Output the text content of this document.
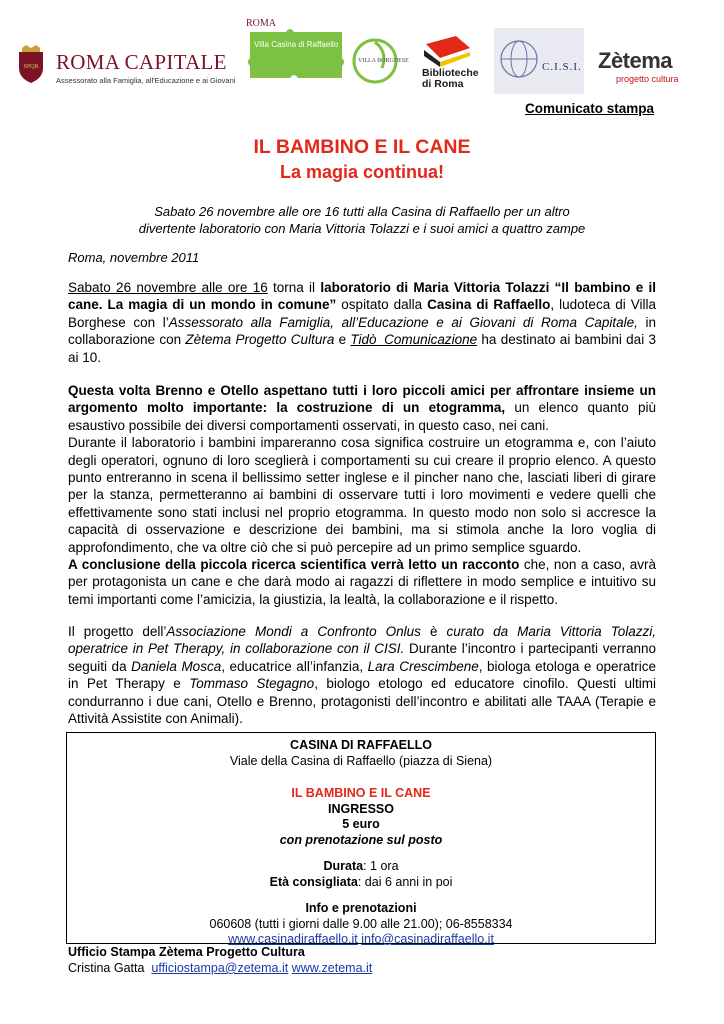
SPQR ROMA CAPITALE
Assessorato alla Famiglia, all'Educazione e ai Giovani
ROMA
Villa Casina di Raffaello
VILLA BORGHESE
Biblioteche
di Roma
C.I.S.I. Zètema
progetto cultura
Comunicato stampa
IL BAMBINO E IL CANE
La magia continua!
Sabato 26 novembre alle ore 16 tutti alla Casina di Raffaello per un altro
divertente laboratorio con Maria Vittoria Tolazzi e i suoi amici a quattro zampe
Roma, novembre 2011
Sabato 26 novembre alle ore 16 torna il laboratorio di Maria Vittoria Tolazzi “Il bambino e il cane. La magia di un mondo in comune” ospitato dalla Casina di Raffaello, ludoteca di Villa Borghese con l’Assessorato alla Famiglia, all’Educazione e ai Giovani di Roma Capitale, in collaborazione con Zètema Progetto Cultura e Tidò_Comunicazione ha destinato ai bambini dai 3 ai 10.
Questa volta Brenno e Otello aspettano tutti i loro piccoli amici per affrontare insieme un argomento molto importante: la costruzione di un etogramma, un elenco quanto più esaustivo possibile dei diversi comportamenti osservati, in questo caso, nei cani.
Durante il laboratorio i bambini impareranno cosa significa costruire un etogramma e, con l’aiuto degli operatori, ognuno di loro sceglierà i comportamenti su cui creare il proprio elenco. A questo punto entreranno in scena il bellissimo setter inglese e il pincher nano che, lasciati liberi di girare per la stanza, permetteranno ai bambini di osservare tutti i loro movimenti e vedere quelli che effettivamente sono stati inclusi nel proprio etogramma. In questo modo non solo si accresce la capacità di osservazione e descrizione dei bambini, ma si stimola anche la loro voglia di approfondimento, che va oltre ciò che si può percepire ad un primo semplice sguardo.
A conclusione della piccola ricerca scientifica verrà letto un racconto che, non a caso, avrà per protagonista un cane e che darà modo ai ragazzi di riflettere in modo semplice e intuitivo su temi importanti come l’amicizia, la giustizia, la lealtà, la collaborazione e il rispetto.
Il progetto dell’Associazione Mondi a Confronto Onlus è curato da Maria Vittoria Tolazzi, operatrice in Pet Therapy, in collaborazione con il CISI. Durante l’incontro i partecipanti verranno seguiti da Daniela Mosca, educatrice all’infanzia, Lara Crescimbene, biologa etologa e operatrice in Pet Therapy e Tommaso Stegagno, biologo etologo ed educatore cinofilo. Questi ultimi condurranno i due cani, Otello e Brenno, protagonisti dell’incontro e abilitati alle TAAA (Terapie e Attività Assistite con Animali).
CASINA DI RAFFAELLO
Viale della Casina di Raffaello (piazza di Siena)
IL BAMBINO E IL CANE
INGRESSO
5 euro
con prenotazione sul posto
Durata: 1 ora
Età consigliata: dai 6 anni in poi
Info e prenotazioni
060608 (tutti i giorni dalle 9.00 alle 21.00); 06-8558334
www.casinadiraffaello.it info@casinadiraffaello.it
Ufficio Stampa Zètema Progetto Cultura
Cristina Gatta ufficiostampa@zetema.it www.zetema.it
